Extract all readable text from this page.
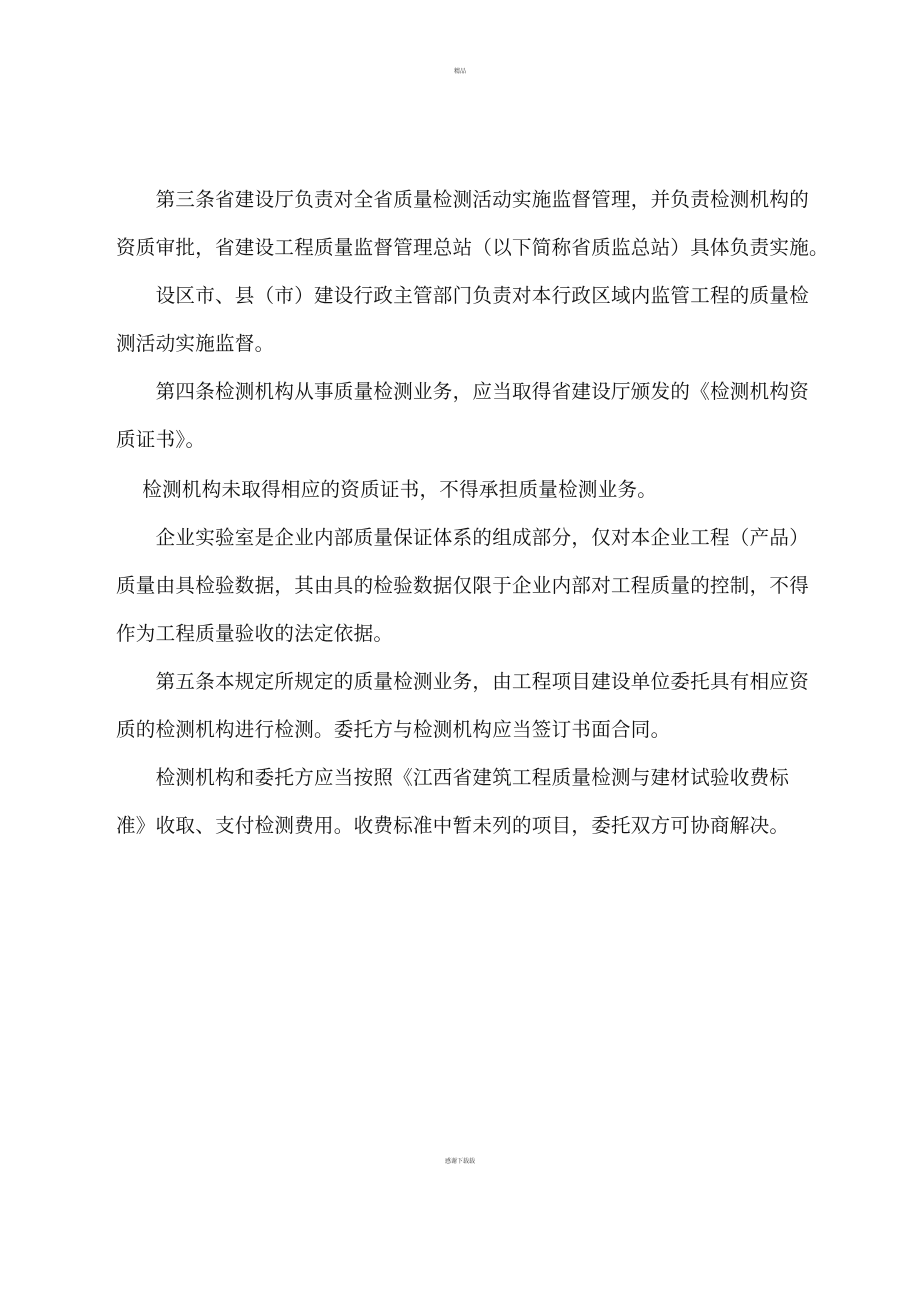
精品
　　第三条省建设厅负责对全省质量检测活动实施监督管理，并负责检测机构的
资质审批，省建设工程质量监督管理总站（以下简称省质监总站）具体负责实施。
　　设区市、县（市）建设行政主管部门负责对本行政区域内监管工程的质量检
测活动实施监督。
　　第四条检测机构从事质量检测业务，应当取得省建设厅颁发的《检测机构资
质证书》。
　 检测机构未取得相应的资质证书，不得承担质量检测业务。
　　企业实验室是企业内部质量保证体系的组成部分，仅对本企业工程（产品）
质量由具检验数据，其由具的检验数据仅限于企业内部对工程质量的控制，不得
作为工程质量验收的法定依据。
　　第五条本规定所规定的质量检测业务，由工程项目建设单位委托具有相应资
质的检测机构进行检测。委托方与检测机构应当签订书面合同。
　　检测机构和委托方应当按照《江西省建筑工程质量检测与建材试验收费标
准》收取、支付检测费用。收费标准中暂未列的项目，委托双方可协商解决。
感谢下载载
